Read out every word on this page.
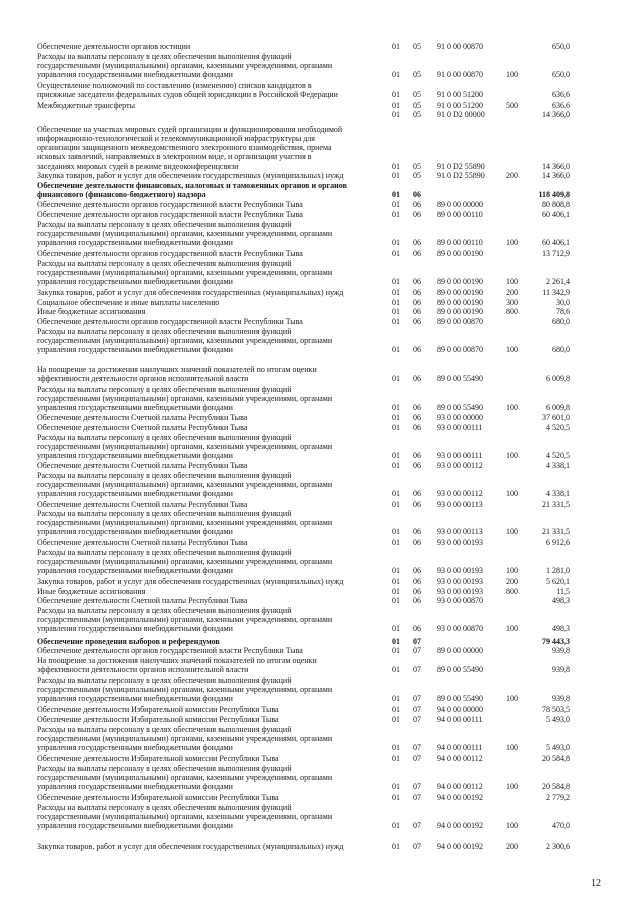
Обеспечение деятельности органов юстиции	01 05 91 0 00 00870	650,0
Расходы на выплаты персоналу в целях обеспечения выполнения функций
государственными (муниципальными) органами, казенными учреждениями, органами
управления государственными внебюджетными фондами	01 05 91 0 00 00870	100	650,0
Осуществление полномочий по составлению (изменению) списков кандидатов в
присяжные заседатели федеральных судов общей юрисдикции в Российской Федерации	01 05 91 0 00 51200	636,6
Межбюджетные трансферты	01 05 91 0 00 51200	500	636,6
01 05 91 0 D2 00000	14 366,0
Обеспечение на участках мировых судей организации и функционирования необходимой
информационно-технологической и телекоммуникационной инфраструктуры для
организации защищенного межведомственного электронного взаимодействия, приема
исковых заявлений, направляемых в электронном виде, и организации участия в
заседаниях мировых судей в режиме видеоконференцсвязи	01 05 91 0 D2 55890	14 366,0
Закупка товаров, работ и услуг для обеспечения государственных (муниципальных) нужд	01 05 91 0 D2 55890	200	14 366,0
Обеспечение деятельности финансовых, налоговых и таможенных органов и органов
финансового (финансово-бюджетного) надзора	01 06	118 409,8
Обеспечение деятельности органов государственной власти Республики Тыва	01 06 89 0 00 00000	80 808,8
Обеспечение деятельности органов государственной власти Республики Тыва	01 06 89 0 00 00110	60 406,1
Расходы на выплаты персоналу в целях обеспечения выполнения функций
государственными (муниципальными) органами, казенными учреждениями, органами
управления государственными внебюджетными фондами	01 06 89 0 00 00110	100	60 406,1
Обеспечение деятельности органов государственной власти Республики Тыва	01 06 89 0 00 00190	13 712,9
Расходы на выплаты персоналу в целях обеспечения выполнения функций
государственными (муниципальными) органами, казенными учреждениями, органами
управления государственными внебюджетными фондами	01 06 89 0 00 00190	100	2 261,4
Закупка товаров, работ и услуг для обеспечения государственных (муниципальных) нужд	01 06 89 0 00 00190	200	11 342,9
Социальное обеспечение и иные выплаты населению	01 06 89 0 00 00190	300	30,0
Иные бюджетные ассигнования	01 06 89 0 00 00190	800	78,6
Обеспечение деятельности органов государственной власти Республики Тыва	01 06 89 0 00 00870	680,0
Расходы на выплаты персоналу в целях обеспечения выполнения функций
государственными (муниципальными) органами, казенными учреждениями, органами
управления государственными внебюджетными фондами	01 06 89 0 00 00870	100	680,0
На поощрение за достижения наилучших значений показателей по итогам оценки
эффективности деятельности органов исполнительной власти	01 06 89 0 00 55490	6 009,8
Расходы на выплаты персоналу в целях обеспечения выполнения функций
государственными (муниципальными) органами, казенными учреждениями, органами
управления государственными внебюджетными фондами	01 06 89 0 00 55490	100	6 009,8
Обеспечение деятельности Счетной палаты Республики Тыва	01 06 93 0 00 00000	37 601,0
Обеспечение деятельности Счетной палаты Республики Тыва	01 06 93 0 00 00111	4 520,5
Расходы на выплаты персоналу в целях обеспечения выполнения функций
государственными (муниципальными) органами, казенными учреждениями, органами
управления государственными внебюджетными фондами	01 06 93 0 00 00111	100	4 520,5
Обеспечение деятельности Счетной палаты Республики Тыва	01 06 93 0 00 00112	4 338,1
Расходы на выплаты персоналу в целях обеспечения выполнения функций
государственными (муниципальными) органами, казенными учреждениями, органами
управления государственными внебюджетными фондами	01 06 93 0 00 00112	100	4 338,1
Обеспечение деятельности Счетной палаты Республики Тыва	01 06 93 0 00 00113	21 331,5
Расходы на выплаты персоналу в целях обеспечения выполнения функций
государственными (муниципальными) органами, казенными учреждениями, органами
управления государственными внебюджетными фондами	01 06 93 0 00 00113	100	21 331,5
Обеспечение деятельности Счетной палаты Республики Тыва	01 06 93 0 00 00193	6 912,6
Расходы на выплаты персоналу в целях обеспечения выполнения функций
государственными (муниципальными) органами, казенными учреждениями, органами
управления государственными внебюджетными фондами	01 06 93 0 00 00193	100	1 281,0
Закупка товаров, работ и услуг для обеспечения государственных (муниципальных) нужд	01 06 93 0 00 00193	200	5 620,1
Иные бюджетные ассигнования	01 06 93 0 00 00193	800	11,5
Обеспечение деятельности Счетной палаты Республики Тыва	01 06 93 0 00 00870	498,3
Расходы на выплаты персоналу в целях обеспечения выполнения функций
государственными (муниципальными) органами, казенными учреждениями, органами
управления государственными внебюджетными фондами	01 06 93 0 00 00870	100	498,3
Обеспечение проведения выборов и референдумов	01 07	79 443,3
Обеспечение деятельности органов государственной власти Республики Тыва	01 07 89 0 00 00000	939,8
На поощрение за достижения наилучших значений показателей по итогам оценки
эффективности деятельности органов исполнительной власти	01 07 89 0 00 55490	939,8
Расходы на выплаты персоналу в целях обеспечения выполнения функций
государственными (муниципальными) органами, казенными учреждениями, органами
управления государственными внебюджетными фондами	01 07 89 0 00 55490	100	939,8
Обеспечение деятельности Избирательной комиссии Республики Тыва	01 07 94 0 00 00000	78 503,5
Обеспечение деятельности Избирательной комиссии Республики Тыва	01 07 94 0 00 00111	5 493,0
Расходы на выплаты персоналу в целях обеспечения выполнения функций
государственными (муниципальными) органами, казенными учреждениями, органами
управления государственными внебюджетными фондами	01 07 94 0 00 00111	100	5 493,0
Обеспечение деятельности Избирательной комиссии Республики Тыва	01 07 94 0 00 00112	20 584,8
Расходы на выплаты персоналу в целях обеспечения выполнения функций
государственными (муниципальными) органами, казенными учреждениями, органами
управления государственными внебюджетными фондами	01 07 94 0 00 00112	100	20 584,8
Обеспечение деятельности Избирательной комиссии Республики Тыва	01 07 94 0 00 00192	2 779,2
Расходы на выплаты персоналу в целях обеспечения выполнения функций
государственными (муниципальными) органами, казенными учреждениями, органами
управления государственными внебюджетными фондами	01 07 94 0 00 00192	100	470,0
Закупка товаров, работ и услуг для обеспечения государственных (муниципальных) нужд	01 07 94 0 00 00192	200	2 300,6
12
